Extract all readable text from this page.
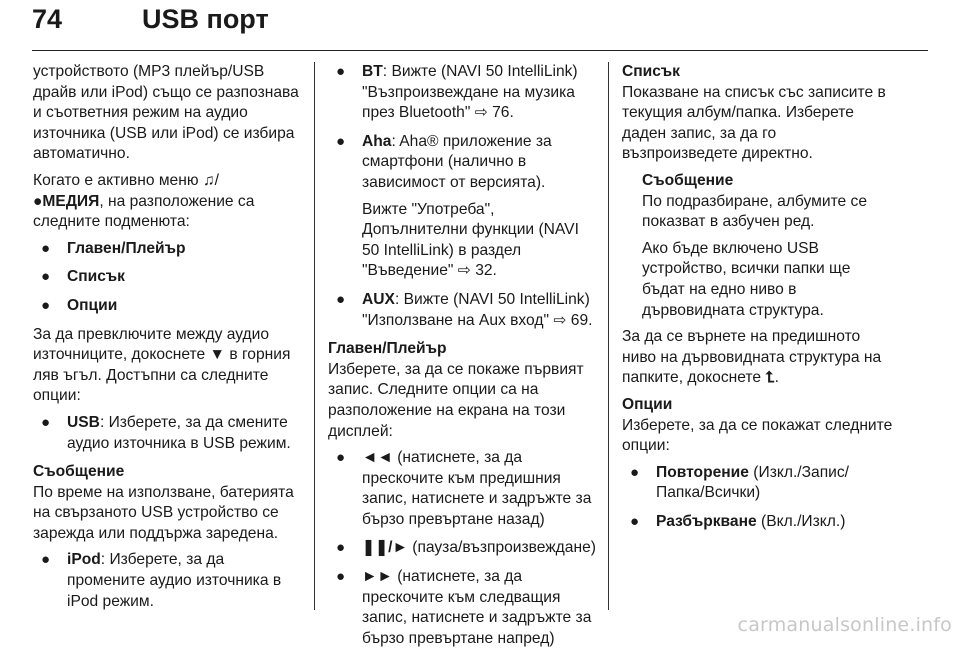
74	USB порт

устройството (MP3 плейър/USB драйв или iPod) също се разпознава и съответния режим на аудио източника (USB или iPod) се избира автоматично.

Когато е активно меню ♫/
●МЕДИЯ, на разположение са следните подменюта:

● Главен/Плейър
● Списък
● Опции

За да превключите между аудио източниците, докоснете ▼ в горния ляв ъгъл. Достъпни са следните опции:

● USB: Изберете, за да смените аудио източника в USB режим.
Съобщение
По време на използване, батерията на свързаното USB устройство се зарежда или поддържа заредена.
● iPod: Изберете, за да промените аудио източника в iPod режим.
● BT: Вижте (NAVI 50 IntelliLink) "Възпроизвеждане на музика през Bluetooth" ⇨ 76.
● Aha: Aha® приложение за смартфони (налично в зависимост от версията).
Вижте "Употреба", Допълнителни функции (NAVI 50 IntelliLink) в раздел "Въведение" ⇨ 32.
● AUX: Вижте (NAVI 50 IntelliLink) "Използване на Aux вход" ⇨ 69.
Главен/Плейър

Изберете, за да се покаже първият запис. Следните опции са на разположение на екрана на този дисплей:

● ◄◄ (натиснете, за да прескочите към предишния запис, натиснете и задръжте за бързо превъртане назад)
● ❚❚/► (пауза/възпроизвеждане)
● ►► (натиснете, за да прескочите към следващия запис, натиснете и задръжте за бързо превъртане напред)
Списък

Показване на списък със записите в текущия албум/папка. Изберете даден запис, за да го възпроизведете директно.

Съобщение

По подразбиране, албумите се показват в азбучен ред.

Ако бъде включено USB устройство, всички папки ще бъдат на едно ниво в дървовидната структура.

За да се върнете на предишното ниво на дървовидната структура на папките, докоснете ⮤.

Опции

Изберете, за да се покажат следните опции:

● Повторение (Изкл./Запис/ Папка/Всички)
● Разбъркване (Вкл./Изкл.)
carmanualsonline.info
